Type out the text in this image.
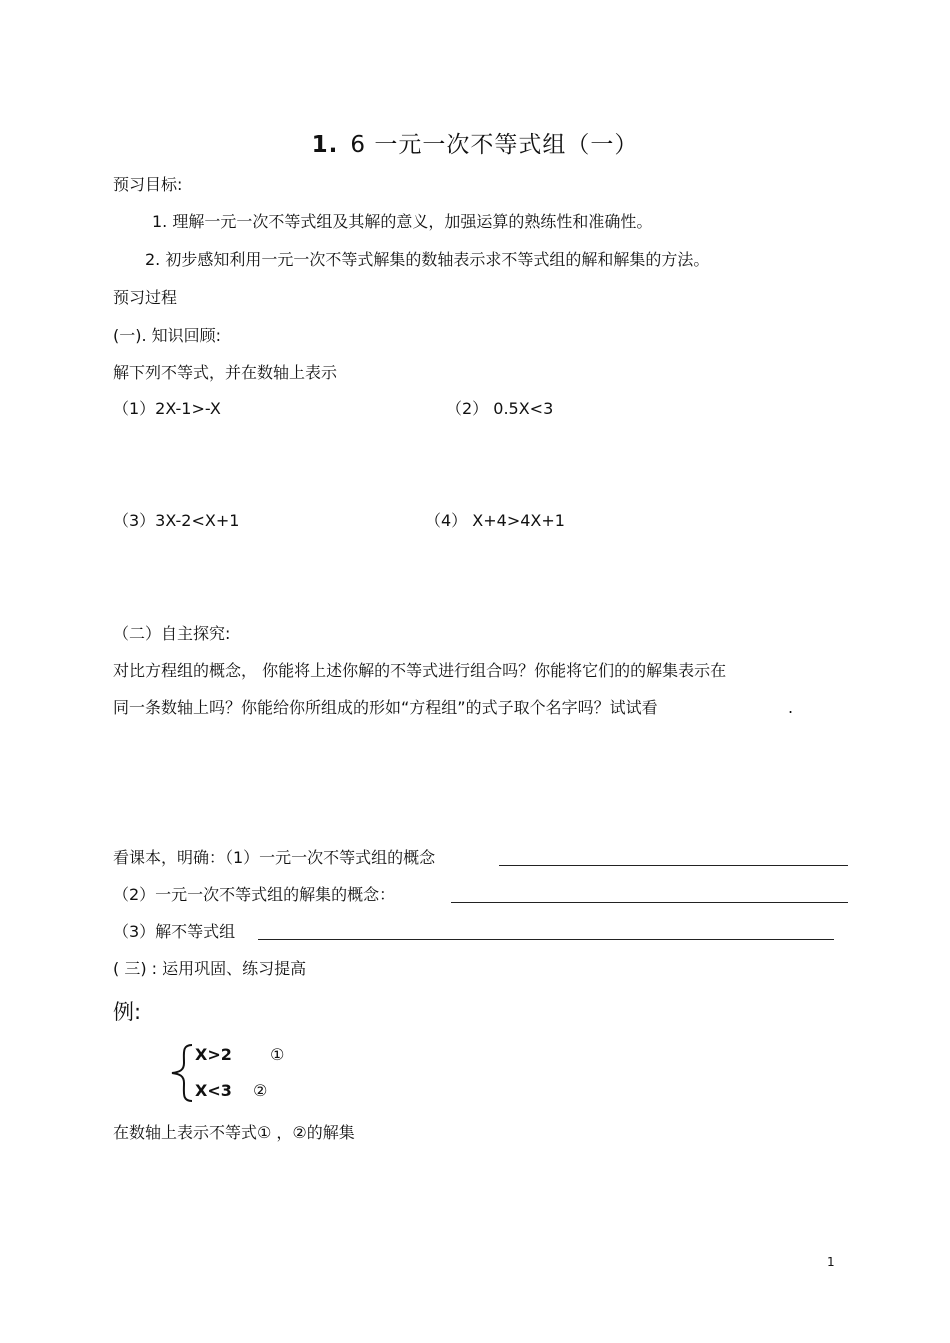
1. 6 一元一次不等式组（一）
预习目标:
1. 理解一元一次不等式组及其解的意义，加强运算的熟练性和准确性。
2. 初步感知利用一元一次不等式解集的数轴表示求不等式组的解和解集的方法。
预习过程
(一). 知识回顾:
解下列不等式，并在数轴上表示
（1）2X-1>-X	（2） 0.5X<3
（3）3X-2<X+1	（4） X+4>4X+1
（二）自主探究:
对比方程组的概念， 你能将上述你解的不等式进行组合吗？你能将它们的的解集表示在
同一条数轴上吗？你能给你所组成的形如“方程组”的式子取个名字吗？试试看	.
看课本，明确：（1）一元一次不等式组的概念
（2）一元一次不等式组的解集的概念：
（3）解不等式组
( 三) : 运用巩固、练习提高
例:
X>2 ①
X<3 ②
在数轴上表示不等式① ，②的解集
1
